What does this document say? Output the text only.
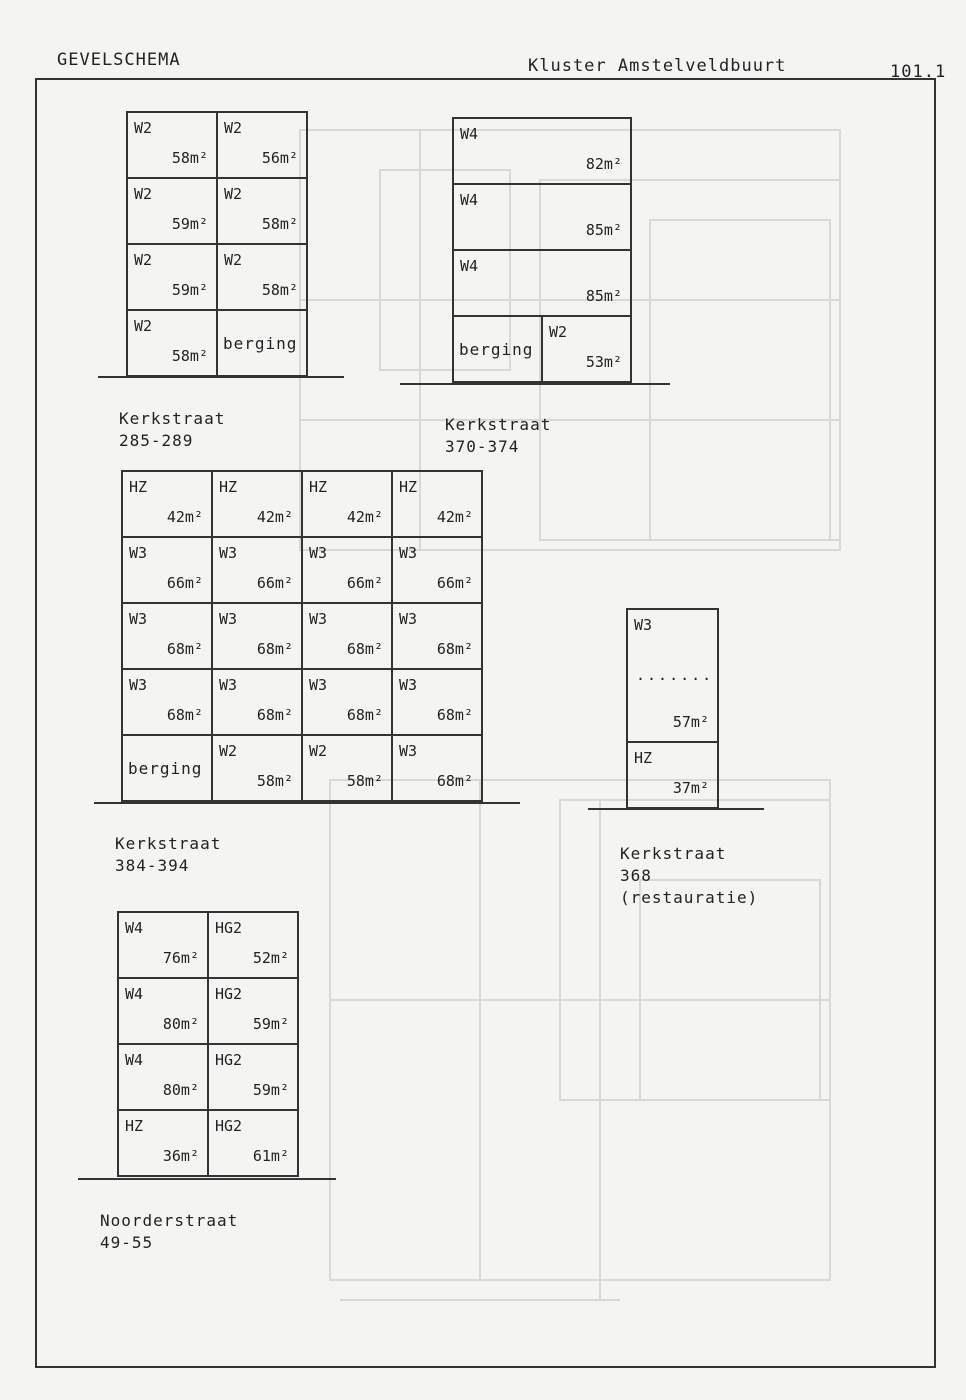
GEVELSCHEMA	Kluster Amstelveldbuurt	101.1
W2
58m²
W2
56m²
W2
59m²
W2
58m²
W2
59m²
W2
58m²
W2
58m²
berging
Kerkstraat 285-289
W4
82m²
W4
85m²
W4
85m²
berging
W2
53m²
Kerkstraat 370-374
HZ
42m²
HZ
42m²
HZ
42m²
HZ
42m²
W3
66m²
W3
66m²
W3
66m²
W3
66m²
W3
68m²
W3
68m²
W3
68m²
W3
68m²
W3
68m²
W3
68m²
W3
68m²
W3
68m²
berging
W2
58m²
W2
58m²
W3
68m²
Kerkstraat 384-394
W3
.......
57m²
HZ
37m²
Kerkstraat 368
(restauratie)
W4
76m²
HG2
52m²
W4
80m²
HG2
59m²
W4
80m²
HG2
59m²
HZ
36m²
HG2
61m²
Noorderstraat 49-55
